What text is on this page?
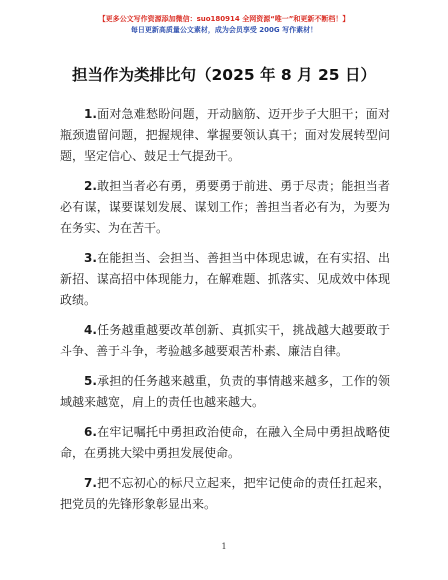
【更多公文写作资源添加微信：suo180914 全网资源“唯一”和更新不断档！】
每日更新高质量公文素材，成为会员享受 200G 写作素材！
担当作为类排比句（2025 年 8 月 25 日）

1.面对急难愁盼问题，开动脑筋、迈开步子大胆干；面对瓶颈遗留问题，把握规律、掌握要领认真干；面对发展转型问题，坚定信心、鼓足士气提劲干。

2.敢担当者必有勇，勇要勇于前进、勇于尽责；能担当者必有谋，谋要谋划发展、谋划工作；善担当者必有为，为要为在务实、为在苦干。

3.在能担当、会担当、善担当中体现忠诚，在有实招、出新招、谋高招中体现能力，在解难题、抓落实、见成效中体现政绩。

4.任务越重越要改革创新、真抓实干，挑战越大越要敢于斗争、善于斗争，考验越多越要艰苦朴素、廉洁自律。

5.承担的任务越来越重，负责的事情越来越多，工作的领域越来越宽，肩上的责任也越来越大。

6.在牢记嘱托中勇担政治使命，在融入全局中勇担战略使命，在勇挑大梁中勇担发展使命。

7.把不忘初心的标尺立起来，把牢记使命的责任扛起来，把党员的先锋形象彰显出来。

1
